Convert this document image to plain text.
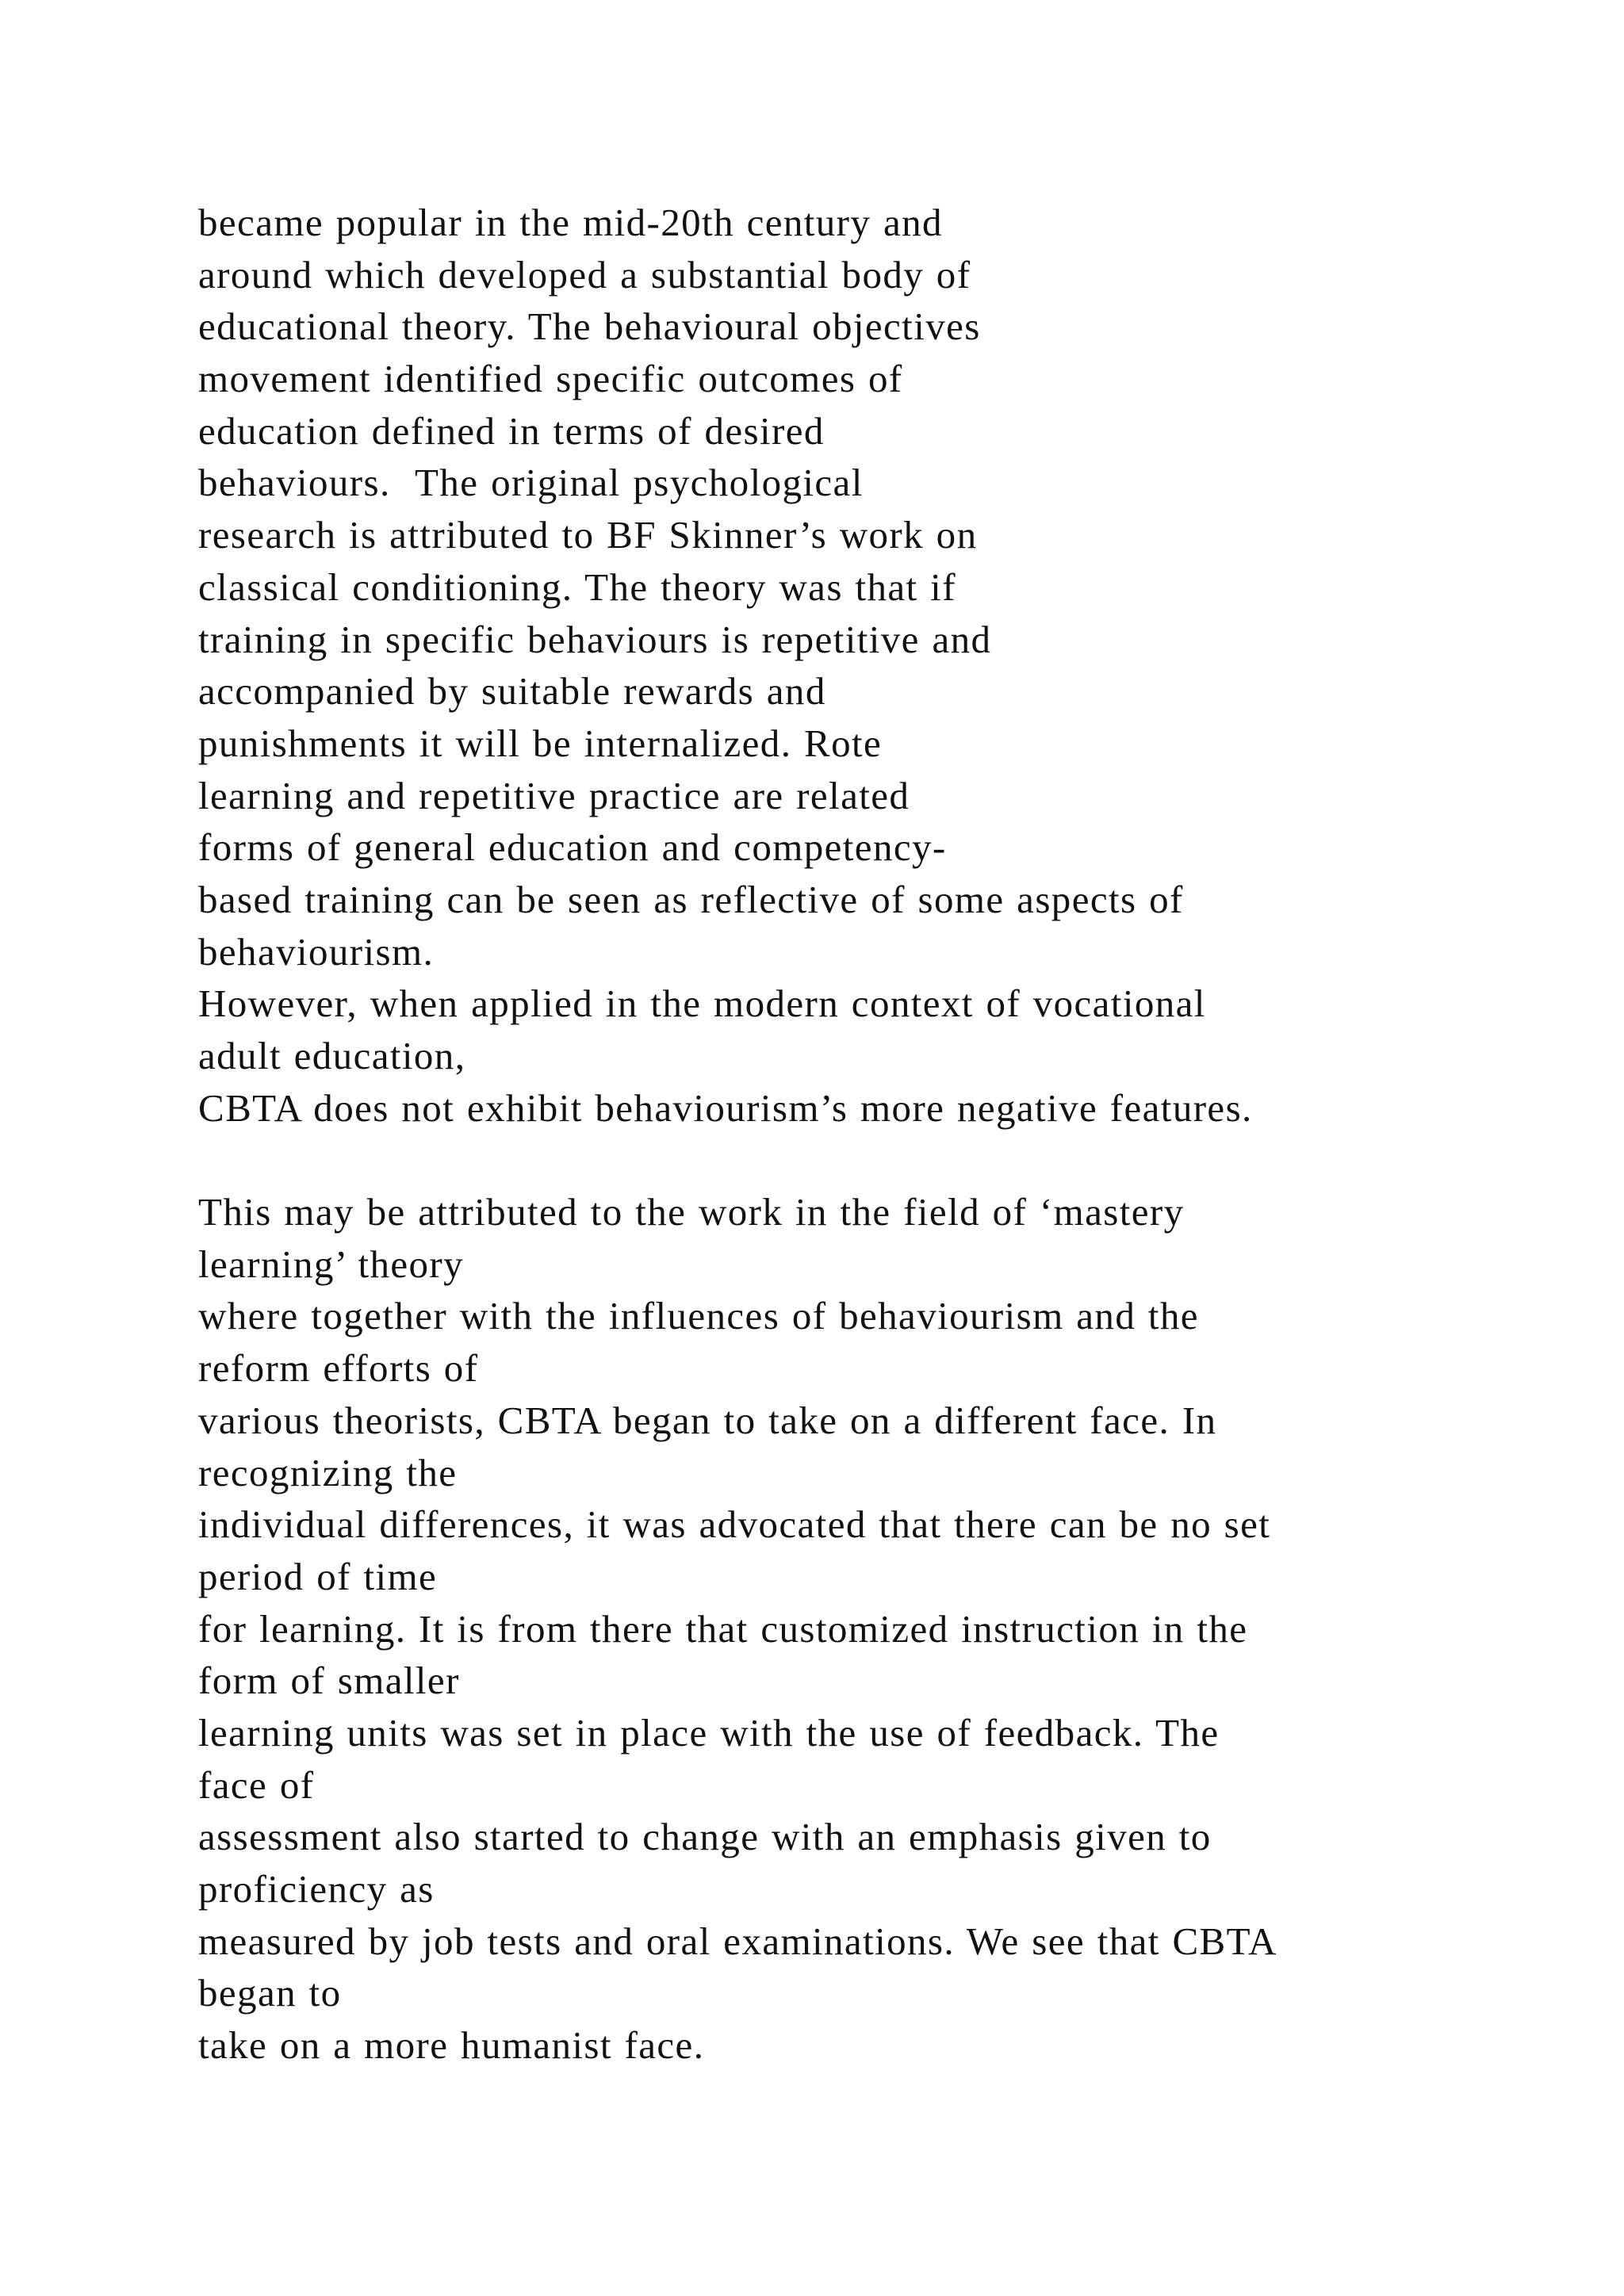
became popular in the mid-20th century and
around which developed a substantial body of
educational theory. The behavioural objectives
movement identified specific outcomes of
education defined in terms of desired
behaviours.  The original psychological
research is attributed to BF Skinner’s work on
classical conditioning. The theory was that if
training in specific behaviours is repetitive and
accompanied by suitable rewards and
punishments it will be internalized. Rote
learning and repetitive practice are related
forms of general education and competency-
based training can be seen as reflective of some aspects of
behaviourism.
However, when applied in the modern context of vocational
adult education,
CBTA does not exhibit behaviourism’s more negative features.
This may be attributed to the work in the field of ‘mastery
learning’ theory
where together with the influences of behaviourism and the
reform efforts of
various theorists, CBTA began to take on a different face. In
recognizing the
individual differences, it was advocated that there can be no set
period of time
for learning. It is from there that customized instruction in the
form of smaller
learning units was set in place with the use of feedback. The
face of
assessment also started to change with an emphasis given to
proficiency as
measured by job tests and oral examinations. We see that CBTA
began to
take on a more humanist face.
